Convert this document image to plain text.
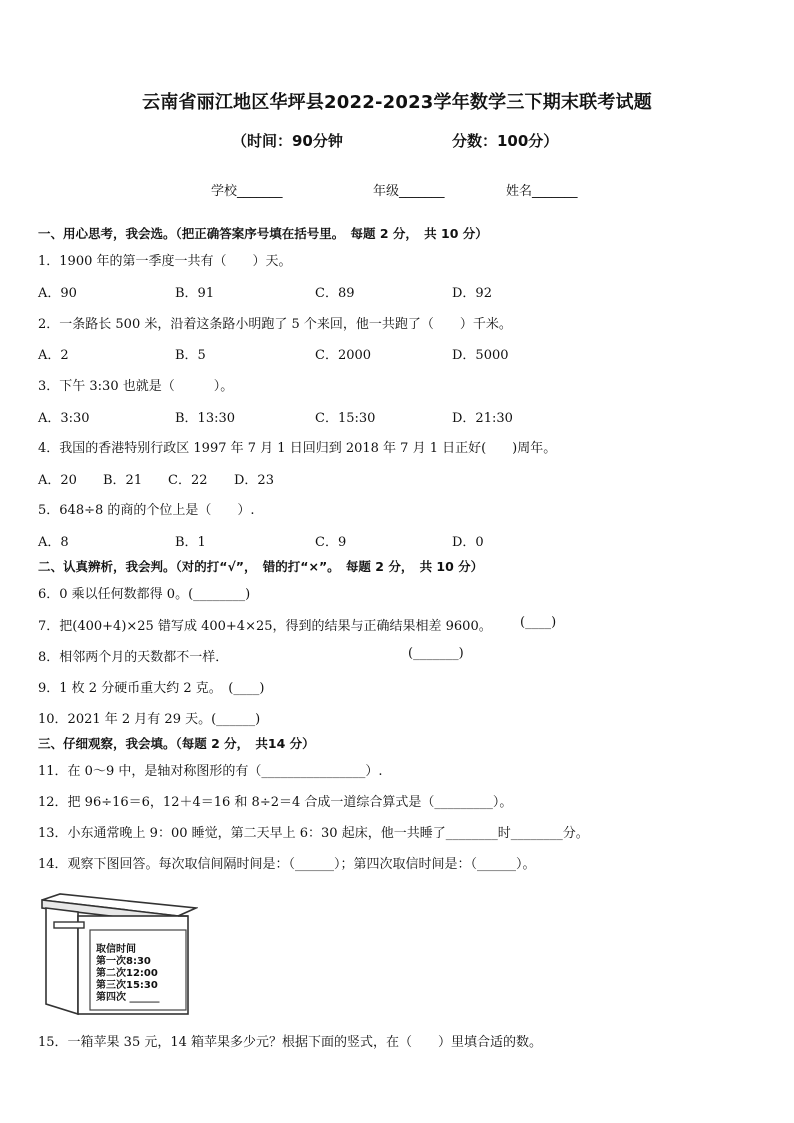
云南省丽江地区华坪县2022-2023学年数学三下期末联考试题
（时间：90分钟	分数：100分）
学校_______	年级_______	姓名_______
一、用心思考，我会选。（把正确答案序号填在括号里。　每题 2 分，　共 10 分）
1．1900 年的第一季度一共有（　　）天。
A．90	B．91	C．89	D．92
2．一条路长 500 米，沿着这条路小明跑了 5 个来回，他一共跑了（　　）千米。
A．2	B．5	C．2000	D．5000
3．下午 3:30 也就是（　　　）。
A．3:30	B．13:30	C．15:30	D．21:30
4．我国的香港特别行政区 1997 年 7 月 1 日回归到 2018 年 7 月 1 日正好(　　)周年。
A．20 B．21 C．22 D．23
5．648÷8 的商的个位上是（　　）.
A．8	B．1	C．9	D．0
二、认真辨析，我会判。（对的打“√”，　错的打“×”。　每题 2 分，　共 10 分）
6．0 乘以任何数都得 0。(________)
7．把(400+4)×25 错写成 400+4×25，得到的结果与正确结果相差 9600。 (____)
8．相邻两个月的天数都不一样．	(_______)
9．1 枚 2 分硬币重大约 2 克。　(____)
10．2021 年 2 月有 29 天。(______)
三、仔细观察，我会填。（每题 2 分，　共14 分）
11．在 0～9 中，是轴对称图形的有（________________）.
12．把 96÷16＝6，12＋4＝16 和 8÷2＝4 合成一道综合算式是（_________）。
13．小东通常晚上 9：00 睡觉，第二天早上 6：30 起床，他一共睡了________时________分。
14．观察下图回答。每次取信间隔时间是：（______）；第四次取信时间是：（______）。
取信时间
第一次8:30
第二次12:00
第三次15:30
第四次 ______
15．一箱苹果 35 元，14 箱苹果多少元？根据下面的竖式，在（　　）里填合适的数。
